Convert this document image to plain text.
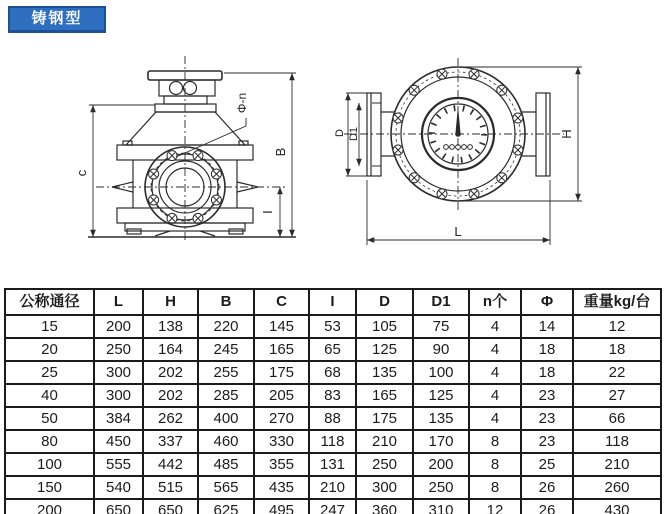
铸钢型
c
B
I
Φ-n
D D1	H
L
公称通径	L	H	B	C	I	D	D1	n个	Φ	重量kg/台
15	200	138	220	145	53	105	75	4	14	12
20	250	164	245	165	65	125	90	4	18	18
25	300	202	255	175	68	135	100	4	18	22
40	300	202	285	205	83	165	125	4	23	27
50	384	262	400	270	88	175	135	4	23	66
80	450	337	460	330	118	210	170	8	23	118
100	555	442	485	355	131	250	200	8	25	210
150	540	515	565	435	210	300	250	8	26	260
200	650	650	625	495	247	360	310	12	26	430
